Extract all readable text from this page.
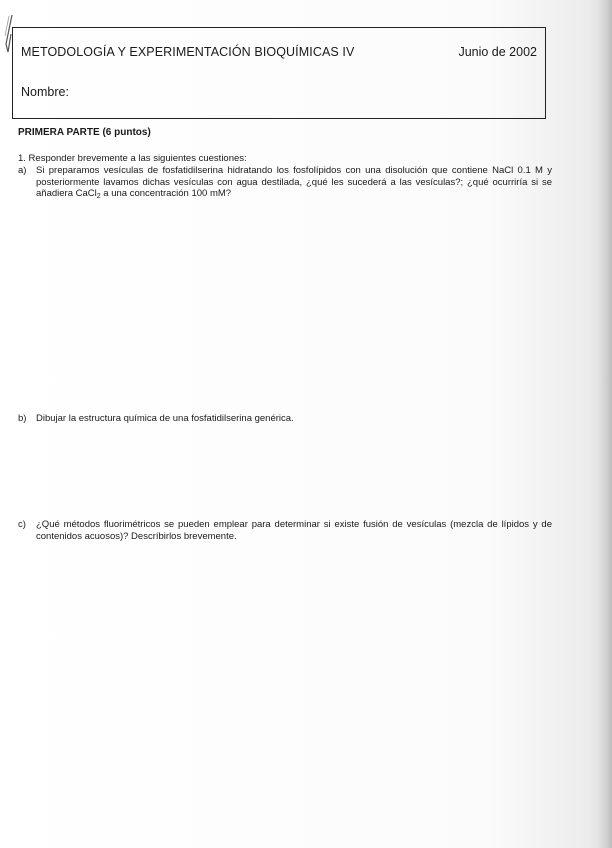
METODOLOGÍA Y EXPERIMENTACIÓN BIOQUÍMICAS IV	Junio de 2002
Nombre:
PRIMERA PARTE (6 puntos)
1. Responder brevemente a las siguientes cuestiones:
a) Si preparamos vesículas de fosfatidilserina hidratando los fosfolípidos con una disolución que contiene NaCl 0.1 M y posteriormente lavamos dichas vesículas con agua destilada, ¿qué les sucederá a las vesículas?; ¿qué ocurriría si se añadiera CaCl$_2$ a una concentración 100 mM?
b) Dibujar la estructura química de una fosfatidilserina genérica.
c) ¿Qué métodos fluorimétricos se pueden emplear para determinar si existe fusión de vesículas (mezcla de lípidos y de contenidos acuosos)? Descríbirlos brevemente.
